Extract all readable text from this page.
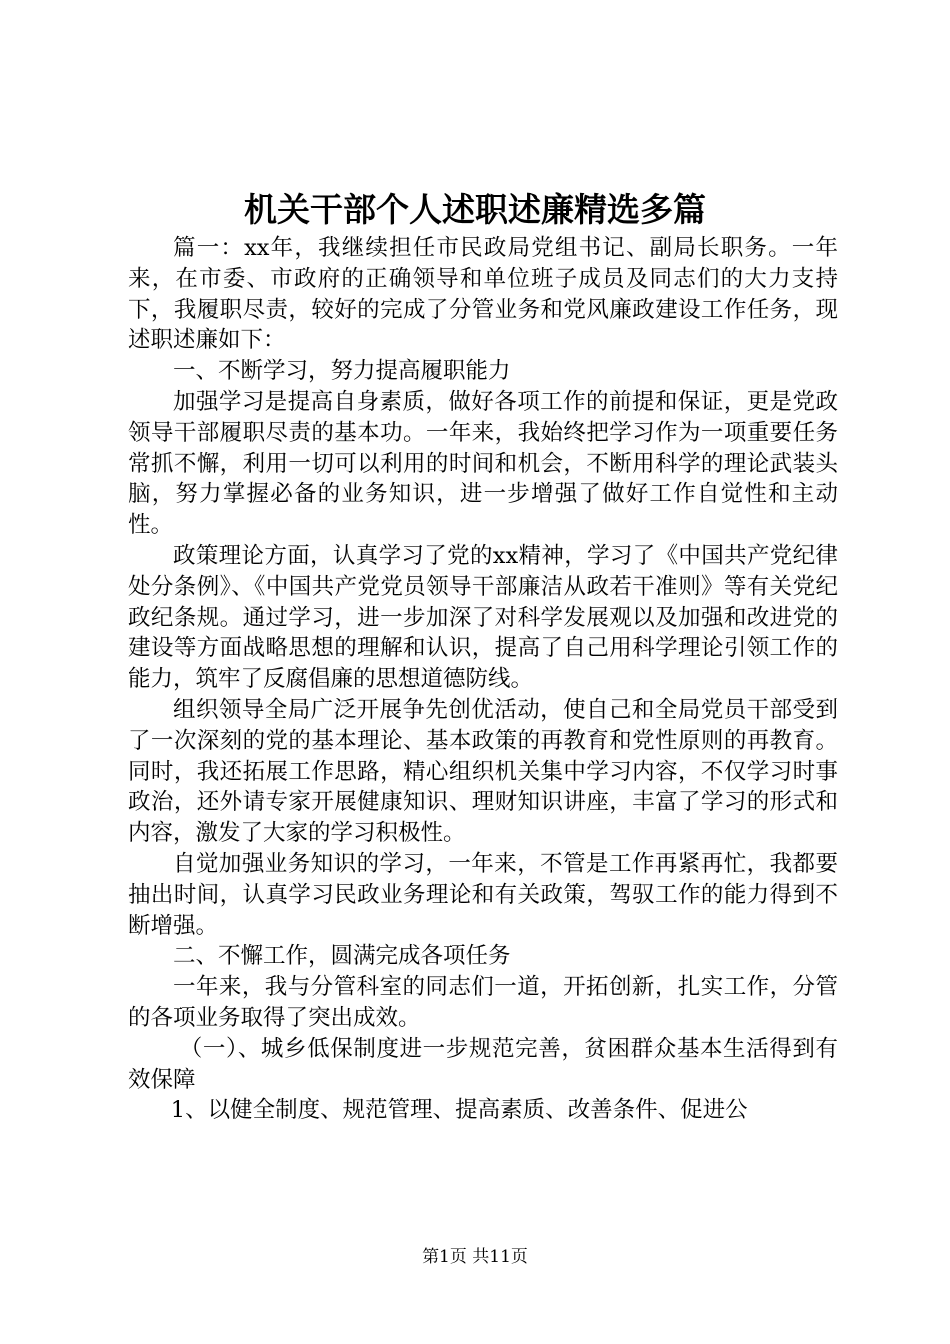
机关干部个人述职述廉精选多篇

篇一：xx年，我继续担任市民政局党组书记、副局长职务。一年来，在市委、市政府的正确领导和单位班子成员及同志们的大力支持下，我履职尽责，较好的完成了分管业务和党风廉政建设工作任务，现述职述廉如下：

一、不断学习，努力提高履职能力

加强学习是提高自身素质，做好各项工作的前提和保证，更是党政领导干部履职尽责的基本功。一年来，我始终把学习作为一项重要任务常抓不懈，利用一切可以利用的时间和机会，不断用科学的理论武装头脑，努力掌握必备的业务知识，进一步增强了做好工作自觉性和主动性。

政策理论方面，认真学习了党的xx精神，学习了《中国共产党纪律处分条例》、《中国共产党党员领导干部廉洁从政若干准则》等有关党纪政纪条规。通过学习，进一步加深了对科学发展观以及加强和改进党的建设等方面战略思想的理解和认识，提高了自己用科学理论引领工作的能力，筑牢了反腐倡廉的思想道德防线。

组织领导全局广泛开展争先创优活动，使自己和全局党员干部受到了一次深刻的党的基本理论、基本政策的再教育和党性原则的再教育。同时，我还拓展工作思路，精心组织机关集中学习内容，不仅学习时事政治，还外请专家开展健康知识、理财知识讲座，丰富了学习的形式和内容，激发了大家的学习积极性。

自觉加强业务知识的学习，一年来，不管是工作再紧再忙，我都要抽出时间，认真学习民政业务理论和有关政策，驾驭工作的能力得到不断增强。

二、不懈工作，圆满完成各项任务

一年来，我与分管科室的同志们一道，开拓创新，扎实工作，分管的各项业务取得了突出成效。

（一）、城乡低保制度进一步规范完善，贫困群众基本生活得到有效保障

1、以健全制度、规范管理、提高素质、改善条件、促进公

第1页 共11页
